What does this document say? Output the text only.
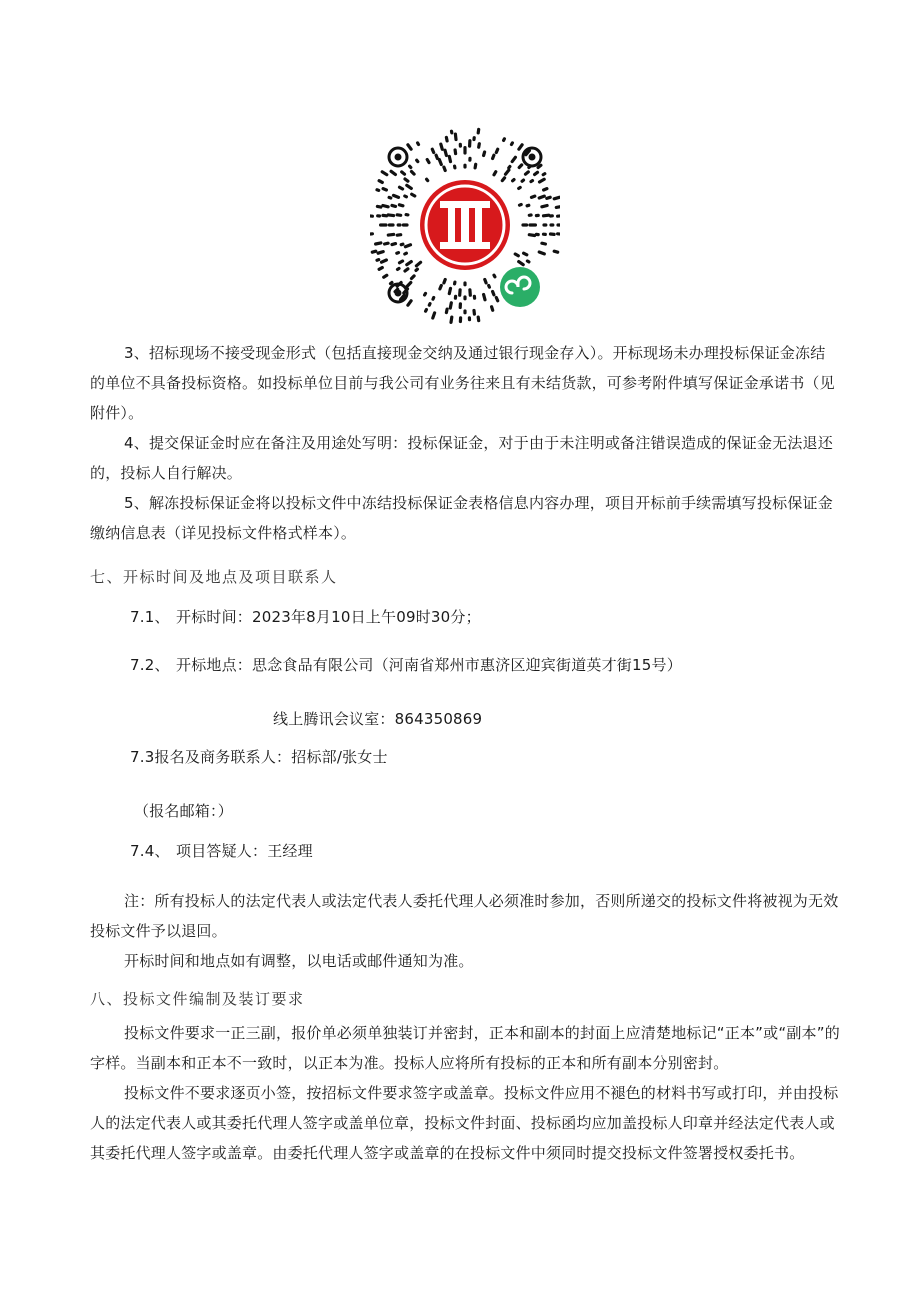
3、招标现场不接受现金形式（包括直接现金交纳及通过银行现金存入）。开标现场未办理投标保证金冻结的单位不具备投标资格。如投标单位目前与我公司有业务往来且有未结货款，可参考附件填写保证金承诺书（见附件）。

4、提交保证金时应在备注及用途处写明：投标保证金，对于由于未注明或备注错误造成的保证金无法退还的，投标人自行解决。

5、解冻投标保证金将以投标文件中冻结投标保证金表格信息内容办理，项目开标前手续需填写投标保证金缴纳信息表（详见投标文件格式样本）。

七、开标时间及地点及项目联系人
7.1、 开标时间：2023年8月10日上午09时30分；
7.2、 开标地点：思念食品有限公司（河南省郑州市惠济区迎宾街道英才街15号）
线上腾讯会议室：864350869
7.3报名及商务联系人：招标部/张女士
（报名邮箱：）
7.4、 项目答疑人：王经理

注：所有投标人的法定代表人或法定代表人委托代理人必须准时参加，否则所递交的投标文件将被视为无效投标文件予以退回。

开标时间和地点如有调整，以电话或邮件通知为准。

八、投标文件编制及装订要求

投标文件要求一正三副，报价单必须单独装订并密封，正本和副本的封面上应清楚地标记“正本”或“副本”的字样。当副本和正本不一致时，以正本为准。投标人应将所有投标的正本和所有副本分别密封。

投标文件不要求逐页小签，按招标文件要求签字或盖章。投标文件应用不褪色的材料书写或打印，并由投标人的法定代表人或其委托代理人签字或盖单位章，投标文件封面、投标函均应加盖投标人印章并经法定代表人或其委托代理人签字或盖章。由委托代理人签字或盖章的在投标文件中须同时提交投标文件签署授权委托书。
